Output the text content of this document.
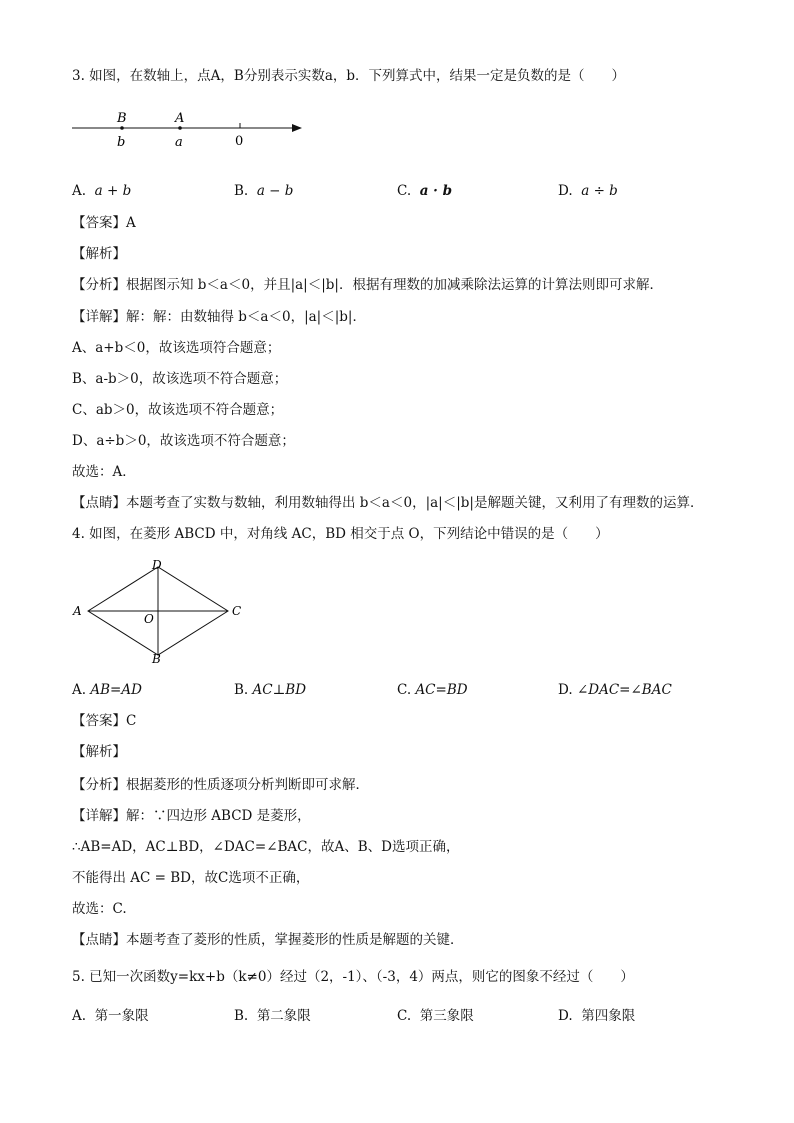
3. 如图，在数轴上，点A，B分别表示实数a，b．下列算式中，结果一定是负数的是（　　）
B	A
b	a	0
A. a + b	B. a − b	C. a · b	D. a ÷ b
【答案】A
【解析】
【分析】根据图示知 b＜a＜0，并且|a|＜|b|．根据有理数的加减乘除法运算的计算法则即可求解．
【详解】解：解：由数轴得 b＜a＜0，|a|＜|b|．
A、a+b＜0，故该选项符合题意；
B、a-b＞0，故该选项不符合题意；
C、ab＞0，故该选项不符合题意；
D、a÷b＞0，故该选项不符合题意；
故选：A．
【点睛】本题考查了实数与数轴，利用数轴得出 b＜a＜0，|a|＜|b|是解题关键，又利用了有理数的运算．
4. 如图，在菱形 ABCD 中，对角线 AC，BD 相交于点 O，下列结论中错误的是（　　）
D
A	C
B
O
A. AB=AD	B. AC⊥BD	C. AC=BD	D. ∠DAC=∠BAC
【答案】C
【解析】
【分析】根据菱形的性质逐项分析判断即可求解．
【详解】解：∵四边形 ABCD 是菱形，
∴AB=AD，AC⊥BD，∠DAC=∠BAC，故A、B、D选项正确，
不能得出 AC = BD，故C选项不正确，
故选：C.
【点睛】本题考查了菱形的性质，掌握菱形的性质是解题的关键．
5. 已知一次函数y=kx+b（k≠0）经过（2，-1）、（-3，4）两点，则它的图象不经过（　　）
A. 第一象限	B. 第二象限	C. 第三象限	D. 第四象限
